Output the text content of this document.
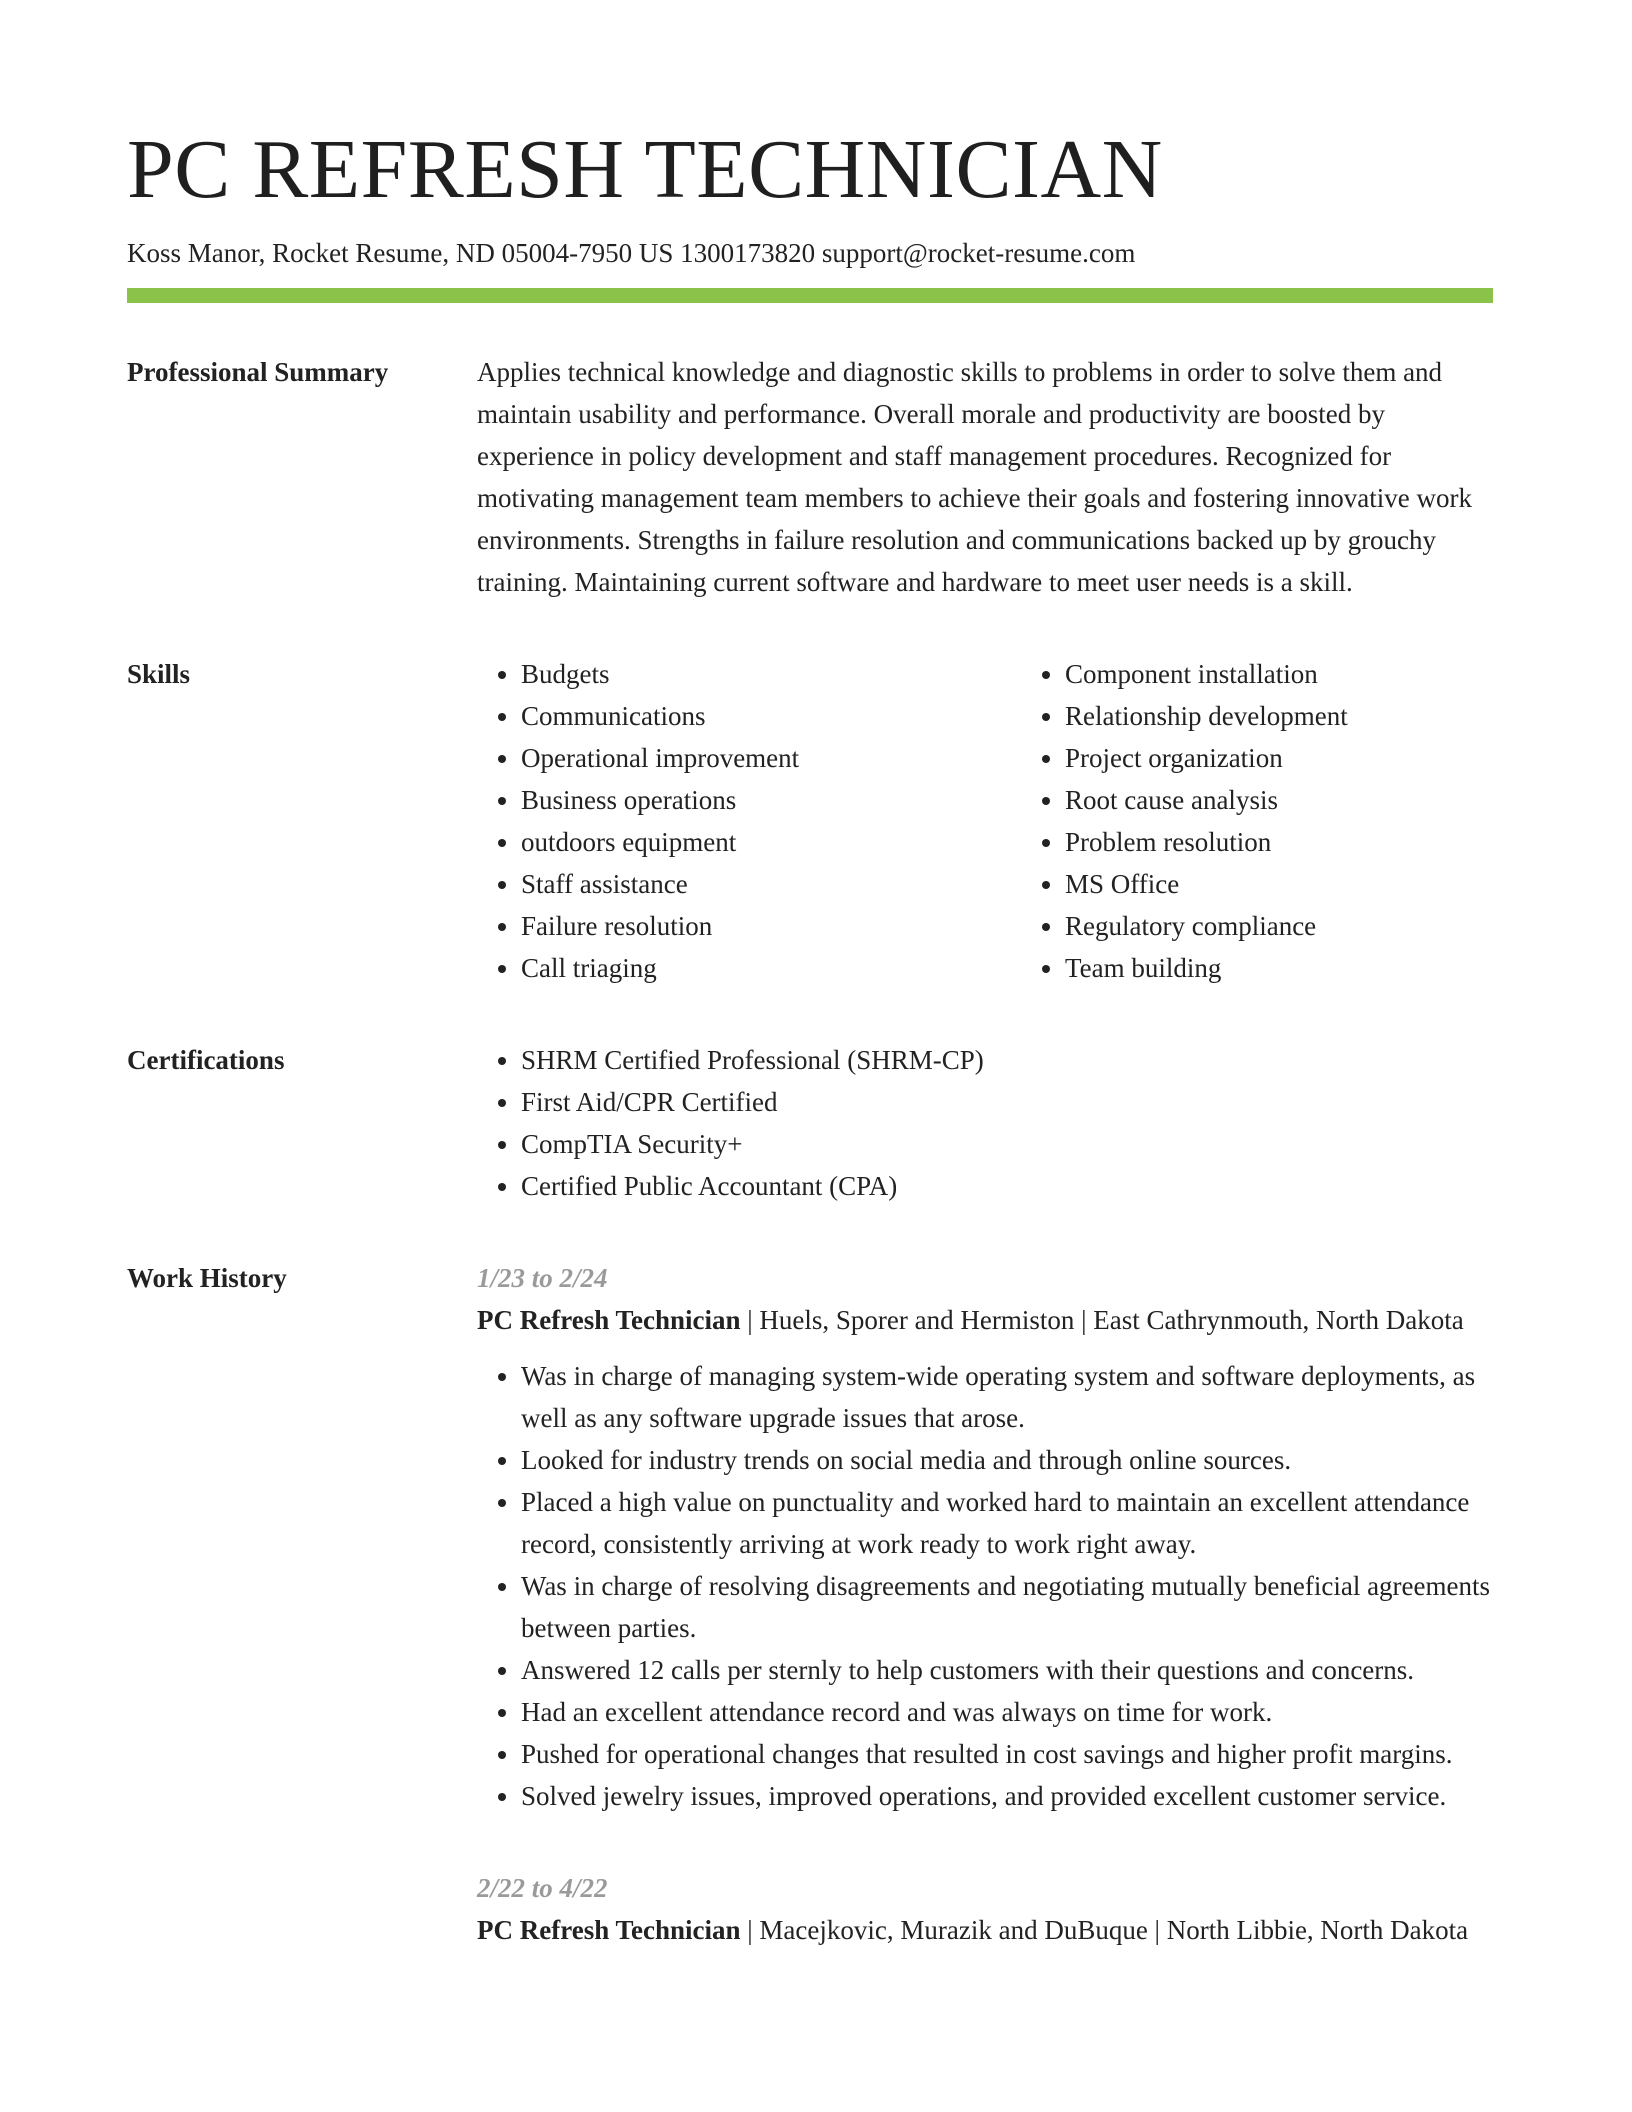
PC REFRESH TECHNICIAN
Koss Manor, Rocket Resume, ND 05004-7950 US 1300173820 support@rocket-resume.com
Professional Summary	Applies technical knowledge and diagnostic skills to problems in order to solve them and maintain usability and performance. Overall morale and productivity are boosted by experience in policy development and staff management procedures. Recognized for motivating management team members to achieve their goals and fostering innovative work environments. Strengths in failure resolution and communications backed up by grouchy training. Maintaining current software and hardware to meet user needs is a skill.

Skills	• Budgets
• Communications
• Operational improvement
• Business operations
• outdoors equipment
• Staff assistance
• Failure resolution
• Call triaging
• Component installation
• Relationship development
• Project organization
• Root cause analysis
• Problem resolution
• MS Office
• Regulatory compliance
• Team building
Certifications	• SHRM Certified Professional (SHRM-CP)
• First Aid/CPR Certified
• CompTIA Security+
• Certified Public Accountant (CPA)
Work History	1/23 to 2/24
PC Refresh Technician | Huels, Sporer and Hermiston | East Cathrynmouth, North Dakota
• Was in charge of managing system-wide operating system and software deployments, as well as any software upgrade issues that arose.
• Looked for industry trends on social media and through online sources.
• Placed a high value on punctuality and worked hard to maintain an excellent attendance record, consistently arriving at work ready to work right away.
• Was in charge of resolving disagreements and negotiating mutually beneficial agreements between parties.
• Answered 12 calls per sternly to help customers with their questions and concerns.
• Had an excellent attendance record and was always on time for work.
• Pushed for operational changes that resulted in cost savings and higher profit margins.
• Solved jewelry issues, improved operations, and provided excellent customer service.
2/22 to 4/22
PC Refresh Technician | Macejkovic, Murazik and DuBuque | North Libbie, North Dakota
